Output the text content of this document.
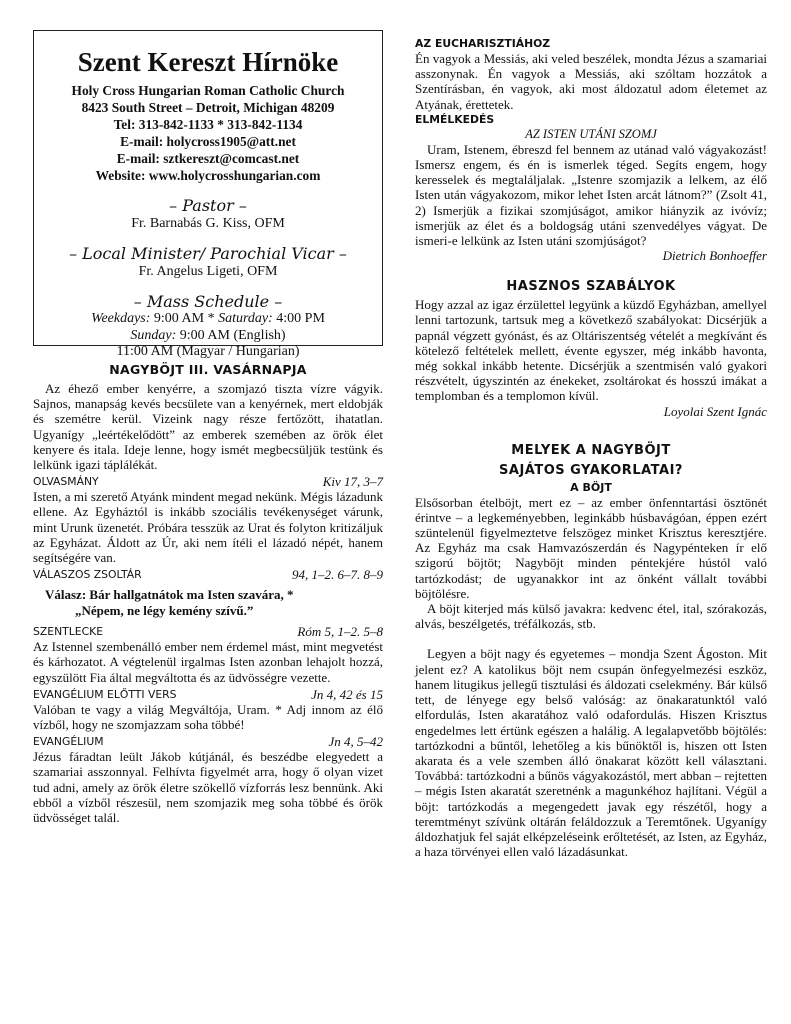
Szent Kereszt Hírnöke
Holy Cross Hungarian Roman Catholic Church
8423 South Street – Detroit, Michigan 48209
Tel: 313-842-1133 * 313-842-1134
E-mail: holycross1905@att.net
E-mail: sztkereszt@comcast.net
Website: www.holycrosshungarian.com
– Pastor –
Fr. Barnabás G. Kiss, OFM
– Local Minister/ Parochial Vicar –
Fr. Angelus Ligeti, OFM
– Mass Schedule –
Weekdays: 9:00 AM * Saturday: 4:00 PM
Sunday: 9:00 AM (English)
11:00 AM (Magyar / Hungarian)
NAGYBÖJT III. VASÁRNAPJA

Az éhező ember kenyérre, a szomjazó tiszta vízre vágyik. Sajnos, manapság kevés becsülete van a kenyérnek, mert eldobják és szemétre kerül. Vizeink nagy része fertőzött, ihatatlan. Ugyanígy „leértékelődött” az emberek szemében az örök élet kenyere és itala. Ideje lenne, hogy ismét megbecsüljük testünk és lelkünk igazi táplálékát.

OLVASMÁNY	Kiv 17, 3–7

Isten, a mi szerető Atyánk mindent megad nekünk. Mégis lázadunk ellene. Az Egyháztól is inkább szociális tevékenységet várunk, mint Urunk üzenetét. Próbára tesszük az Urat és folyton kritizáljuk az Egyházat. Áldott az Úr, aki nem ítéli el lázadó népét, hanem segítségére van.

VÁLASZOS ZSOLTÁR	94, 1–2. 6–7. 8–9
Válasz: Bár hallgatnátok ma Isten szavára, *
„Népem, ne légy kemény szívű.”
SZENTLECKE	Róm 5, 1–2. 5–8

Az Istennel szembenálló ember nem érdemel mást, mint megvetést és kárhozatot. A végtelenül irgalmas Isten azonban lehajolt hozzá, egyszülött Fia által megváltotta és az üdvösségre vezette.

EVANGÉLIUM ELŐTTI VERS	Jn 4, 42 és 15

Valóban te vagy a világ Megváltója, Uram. * Adj innom az élő vízből, hogy ne szomjazzam soha többé!

EVANGÉLIUM	Jn 4, 5–42

Jézus fáradtan leült Jákob kútjánál, és beszédbe elegyedett a szamariai asszonnyal. Felhívta figyelmét arra, hogy ő olyan vizet tud adni, amely az örök életre szökellő vízforrás lesz bennünk. Aki ebből a vízből részesül, nem szomjazik meg soha többé és örök üdvösséget talál.

AZ EUCHARISZTIÁHOZ

Én vagyok a Messiás, aki veled beszélek, mondta Jézus a szamariai asszonynak. Én vagyok a Messiás, aki szóltam hozzátok a Szentírásban, én vagyok, aki most áldozatul adom életemet az Atyának, érettetek.

ELMÉLKEDÉS
AZ ISTEN UTÁNI SZOMJ

Uram, Istenem, ébreszd fel bennem az utánad való vágyakozást! Ismersz engem, és én is ismerlek téged. Segíts engem, hogy keresselek és megtaláljalak. „Istenre szomjazik a lelkem, az élő Isten után vágyakozom, mikor lehet Isten arcát látnom?” (Zsolt 41, 2) Ismerjük a fizikai szomjúságot, amikor hiányzik az ivóvíz; ismerjük az élet és a boldogság utáni szenvedélyes vágyat. De ismeri-e lelkünk az Isten utáni szomjúságot?

Dietrich Bonhoeffer
HASZNOS SZABÁLYOK

Hogy azzal az igaz érzülettel legyünk a küzdő Egyházban, amellyel lenni tartozunk, tartsuk meg a következő szabályokat: Dicsérjük a papnál végzett gyónást, és az Oltáriszentség vételét a megkívánt és kötelező feltételek mellett, évente egyszer, még inkább havonta, még sokkal inkább hetente. Dicsérjük a szentmisén való gyakori részvételt, úgyszintén az énekeket, zsoltárokat és hosszú imákat a templomban és a templomon kívül.

Loyolai Szent Ignác
MELYEK A NAGYBÖJT
SAJÁTOS GYAKORLATAI?
A BÖJT

Elsősorban ételböjt, mert ez – az ember önfenntartási ösztönét érintve – a legkeményebben, leginkább húsbavágóan, éppen ezért szüntelenül figyelmeztetve felszögez minket Krisztus keresztjére. Az Egyház ma csak Hamvazószerdán és Nagypénteken ír elő szigorú böjtöt; Nagyböjt minden péntekjére hústól való tartózkodást; de ugyanakkor int az önként vállalt további böjtölésre.

A böjt kiterjed más külső javakra: kedvenc étel, ital, szórakozás, alvás, beszélgetés, tréfálkozás, stb.

Legyen a böjt nagy és egyetemes – mondja Szent Ágoston. Mit jelent ez? A katolikus böjt nem csupán önfegyelmezési eszköz, hanem litugikus jellegű tisztulási és áldozati cselekmény. Bár külső tett, de lényege egy belső valóság: az önakaratunktól való elfordulás, Isten akaratához való odafordulás. Hiszen Krisztus engedelmes lett értünk egészen a halálig. A legalapvetőbb böjtölés: tartózkodni a bűntől, lehetőleg a kis bűnöktől is, hiszen ott Isten akarata és a vele szemben álló önakarat között kell választani. Továbbá: tartózkodni a bűnös vágyakozástól, mert abban – rejtetten – mégis Isten akaratát szeretnénk a magunkéhoz hajlítani. Végül a böjt: tartózkodás a megengedett javak egy részétől, hogy a teremtményt szívünk oltárán feláldozzuk a Teremtőnek. Ugyanígy áldozhatjuk fel saját elképzeléseink erőltetését, az Isten, az Egyház, a haza törvényei ellen való lázadásunkat.
